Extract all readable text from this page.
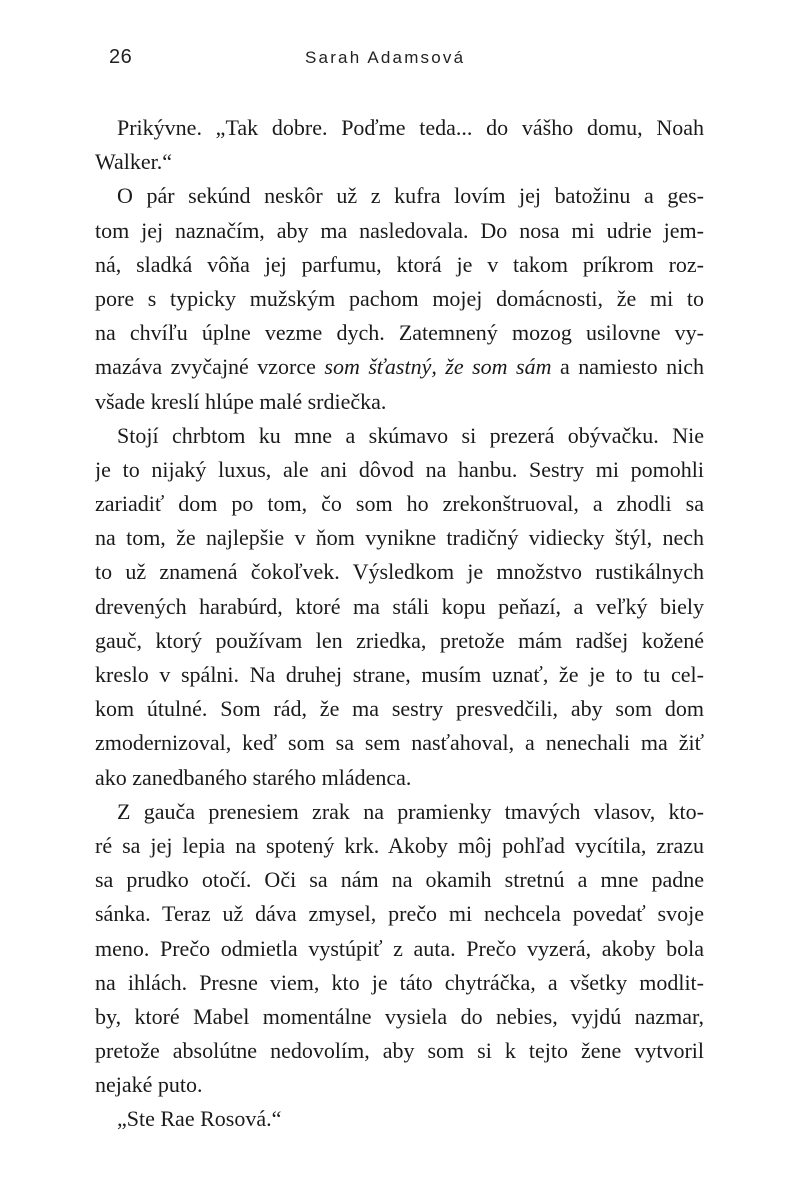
26	Sarah Adamsová
Prikývne. „Tak dobre. Poďme teda... do vášho domu, Noah
Walker.“
O pár sekúnd neskôr už z kufra lovím jej batožinu a ges-
tom jej naznačím, aby ma nasledovala. Do nosa mi udrie jem-
ná, sladká vôňa jej parfumu, ktorá je v takom príkrom roz-
pore s typicky mužským pachom mojej domácnosti, že mi to
na chvíľu úplne vezme dych. Zatemnený mozog usilovne vy-
mazáva zvyčajné vzorce som šťastný, že som sám a namiesto nich
všade kreslí hlúpe malé srdiečka.
Stojí chrbtom ku mne a skúmavo si prezerá obývačku. Nie
je to nijaký luxus, ale ani dôvod na hanbu. Sestry mi pomohli
zariadiť dom po tom, čo som ho zrekonštruoval, a zhodli sa
na tom, že najlepšie v ňom vynikne tradičný vidiecky štýl, nech
to už znamená čokoľvek. Výsledkom je množstvo rustikálnych
drevených harabúrd, ktoré ma stáli kopu peňazí, a veľký biely
gauč, ktorý používam len zriedka, pretože mám radšej kožené
kreslo v spálni. Na druhej strane, musím uznať, že je to tu cel-
kom útulné. Som rád, že ma sestry presvedčili, aby som dom
zmodernizoval, keď som sa sem nasťahoval, a nenechali ma žiť
ako zanedbaného starého mládenca.
Z gauča prenesiem zrak na pramienky tmavých vlasov, kto-
ré sa jej lepia na spotený krk. Akoby môj pohľad vycítila, zrazu
sa prudko otočí. Oči sa nám na okamih stretnú a mne padne
sánka. Teraz už dáva zmysel, prečo mi nechcela povedať svoje
meno. Prečo odmietla vystúpiť z auta. Prečo vyzerá, akoby bola
na ihlách. Presne viem, kto je táto chytráčka, a všetky modlit-
by, ktoré Mabel momentálne vysiela do nebies, vyjdú nazmar,
pretože absolútne nedovolím, aby som si k tejto žene vytvoril
nejaké puto.
„Ste Rae Rosová.“
